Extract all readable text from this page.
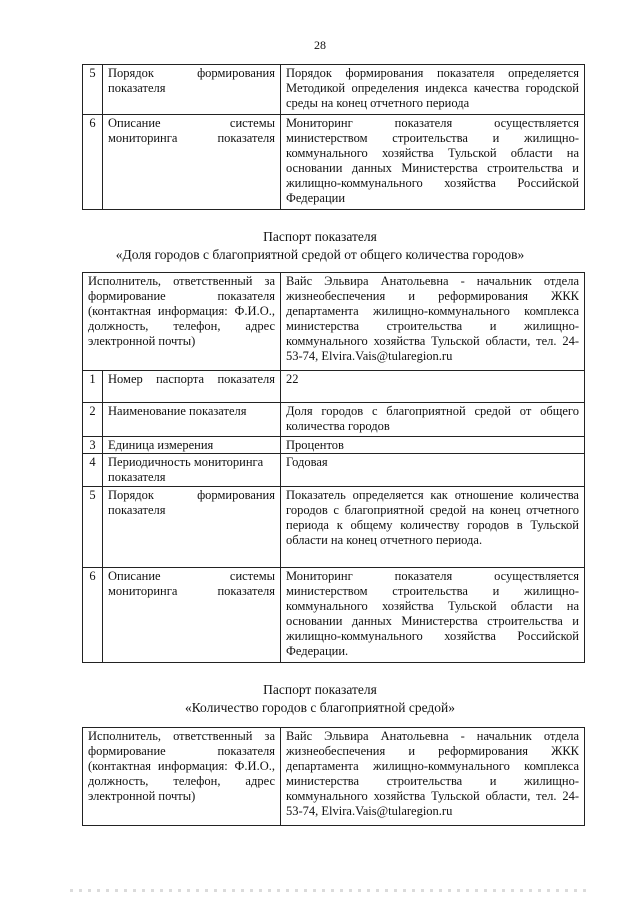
28
5	Порядок формирования показателя	Порядок формирования показателя определяется Методикой определения индекса качества городской среды на конец отчетного периода
6	Описание системы мониторинга показателя	Мониторинг показателя осуществляется министерством строительства и жилищно-коммунального хозяйства Тульской области на основании данных Министерства строительства и жилищно-коммунального хозяйства Российской Федерации
Паспорт показателя
«Доля городов с благоприятной средой от общего количества городов»
Исполнитель, ответственный за формирование показателя (контактная информация: Ф.И.О., должность, телефон, адрес электронной почты)		Вайс Эльвира Анатольевна - начальник отдела жизнеобеспечения и реформирования ЖКК департамента жилищно-коммунального комплекса министерства строительства и жилищно-коммунального хозяйства Тульской области, тел. 24-53-74, Elvira.Vais@tularegion.ru
1	Номер паспорта показателя	22
2	Наименование показателя	Доля городов с благоприятной средой от общего количества городов
3	Единица измерения	Процентов
4	Периодичность мониторинга показателя	Годовая
5	Порядок формирования показателя	Показатель определяется как отношение количества городов с благоприятной средой на конец отчетного периода к общему количеству городов в Тульской области на конец отчетного периода.
6	Описание системы мониторинга показателя	Мониторинг показателя осуществляется министерством строительства и жилищно-коммунального хозяйства Тульской области на основании данных Министерства строительства и жилищно-коммунального хозяйства Российской Федерации.
Паспорт показателя
«Количество городов с благоприятной средой»
Исполнитель, ответственный за формирование показателя (контактная информация: Ф.И.О., должность, телефон, адрес электронной почты)	Вайс Эльвира Анатольевна - начальник отдела жизнеобеспечения и реформирования ЖКК департамента жилищно-коммунального комплекса министерства строительства и жилищно-коммунального хозяйства Тульской области, тел. 24-53-74, Elvira.Vais@tularegion.ru
